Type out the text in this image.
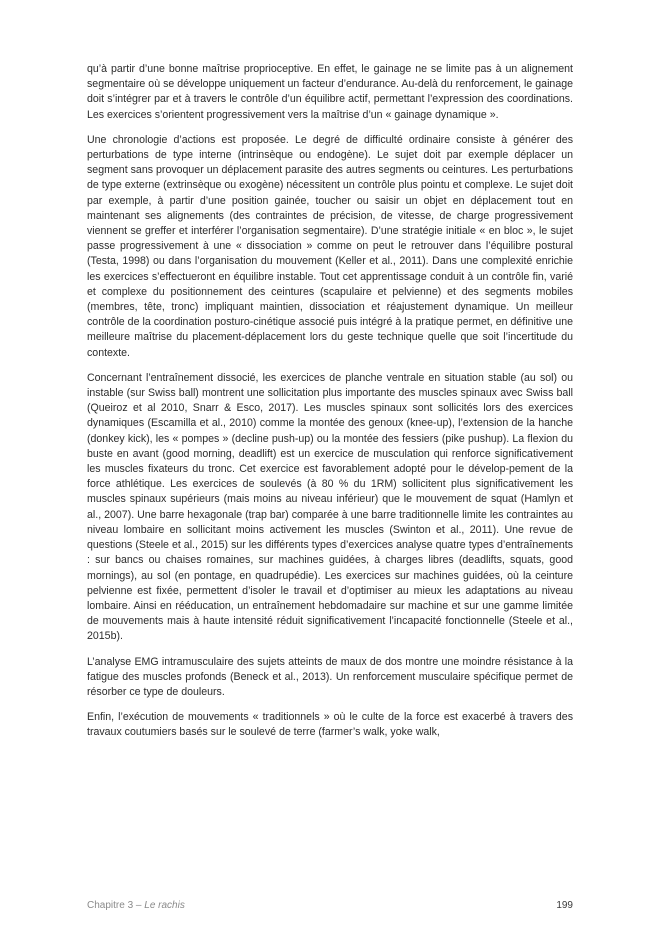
qu’à partir d’une bonne maîtrise proprioceptive. En effet, le gainage ne se limite pas à un alignement segmentaire où se développe uniquement un facteur d’endurance. Au-delà du renforcement, le gainage doit s’intégrer par et à travers le contrôle d’un équilibre actif, permettant l’expression des coordinations. Les exercices s’orientent progressivement vers la maîtrise d’un « gainage dynamique ».

Une chronologie d’actions est proposée. Le degré de difficulté ordinaire consiste à générer des perturbations de type interne (intrinsèque ou endogène). Le sujet doit par exemple déplacer un segment sans provoquer un déplacement parasite des autres segments ou ceintures. Les perturbations de type externe (extrinsèque ou exogène) nécessitent un contrôle plus pointu et complexe. Le sujet doit par exemple, à partir d’une position gainée, toucher ou saisir un objet en déplacement tout en maintenant ses alignements (des contraintes de précision, de vitesse, de charge progressivement viennent se greffer et interférer l’organisation segmentaire). D’une stratégie initiale « en bloc », le sujet passe progressivement à une « dissociation » comme on peut le retrouver dans l’équilibre postural (Testa, 1998) ou dans l’organisation du mouvement (Keller et al., 2011). Dans une complexité enrichie les exercices s’effectueront en équilibre instable. Tout cet apprentissage conduit à un contrôle fin, varié et complexe du positionnement des ceintures (scapulaire et pelvienne) et des segments mobiles (membres, tête, tronc) impliquant maintien, dissociation et réajustement dynamique. Un meilleur contrôle de la coordination posturo-cinétique associé puis intégré à la pratique permet, en définitive une meilleure maîtrise du placement-déplacement lors du geste technique quelle que soit l’incertitude du contexte.

Concernant l’entraînement dissocié, les exercices de planche ventrale en situation stable (au sol) ou instable (sur Swiss ball) montrent une sollicitation plus importante des muscles spinaux avec Swiss ball (Queiroz et al 2010, Snarr & Esco, 2017). Les muscles spinaux sont sollicités lors des exercices dynamiques (Escamilla et al., 2010) comme la montée des genoux (knee-up), l’extension de la hanche (donkey kick), les « pompes » (decline push-up) ou la montée des fessiers (pike pushup). La flexion du buste en avant (good morning, deadlift) est un exercice de musculation qui renforce significativement les muscles fixateurs du tronc. Cet exercice est favorablement adopté pour le dévelop-pement de la force athlétique. Les exercices de soulevés (à 80 % du 1RM) sollicitent plus significativement les muscles spinaux supérieurs (mais moins au niveau inférieur) que le mouvement de squat (Hamlyn et al., 2007). Une barre hexagonale (trap bar) comparée à une barre traditionnelle limite les contraintes au niveau lombaire en sollicitant moins activement les muscles (Swinton et al., 2011). Une revue de questions (Steele et al., 2015) sur les différents types d’exercices analyse quatre types d’entraînements : sur bancs ou chaises romaines, sur machines guidées, à charges libres (deadlifts, squats, good mornings), au sol (en pontage, en quadrupédie). Les exercices sur machines guidées, où la ceinture pelvienne est fixée, permettent d’isoler le travail et d’optimiser au mieux les adaptations au niveau lombaire. Ainsi en rééducation, un entraînement hebdomadaire sur machine et sur une gamme limitée de mouvements mais à haute intensité réduit significativement l’incapacité fonctionnelle (Steele et al., 2015b).

L’analyse EMG intramusculaire des sujets atteints de maux de dos montre une moindre résistance à la fatigue des muscles profonds (Beneck et al., 2013). Un renforcement musculaire spécifique permet de résorber ce type de douleurs.

Enfin, l’exécution de mouvements « traditionnels » où le culte de la force est exacerbé à travers des travaux coutumiers basés sur le soulevé de terre (farmer’s walk, yoke walk,

Chapitre 3 – Le rachis	199
